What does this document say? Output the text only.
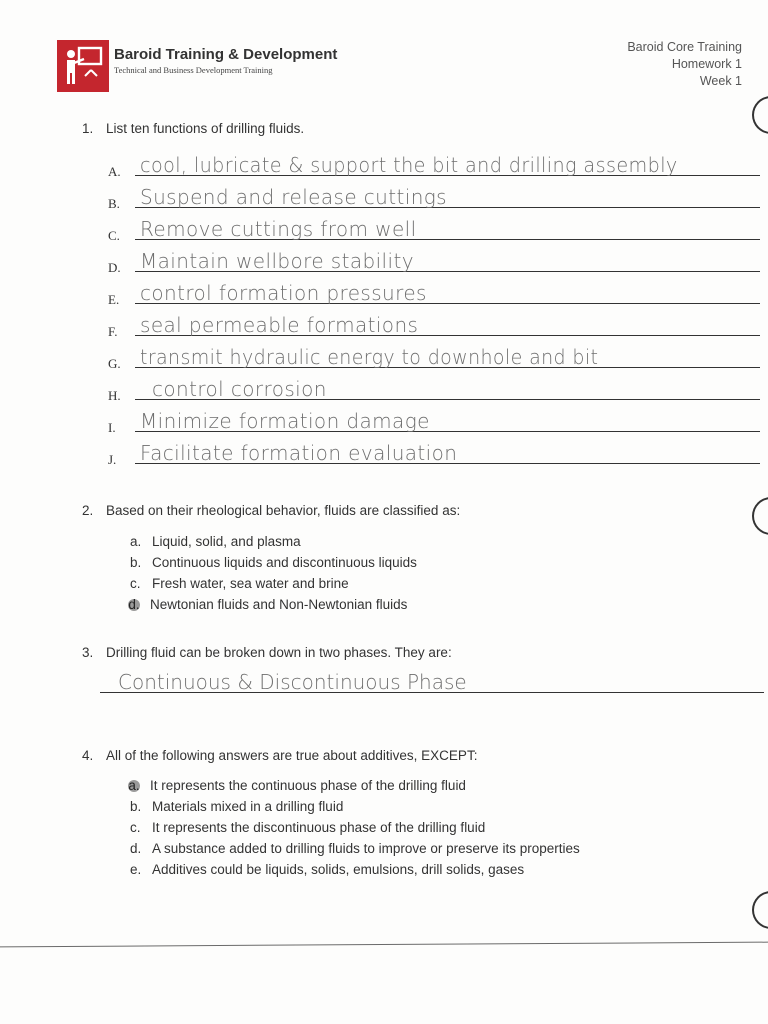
Baroid Training & Development
Technical and Business Development Training
Baroid Core Training
Homework 1
Week 1
1. List ten functions of drilling fluids.
A. cool, lubricate & support the bit and drilling assembly
B.	Suspend and release cuttings
C.	Remove cuttings from well
D. Maintain wellbore stability
E.	control formation pressures
F.	seal permeable formations
G. transmit hydraulic energy to downhole and bit
H.	control corrosion
I.	Minimize formation damage
J.	Facilitate formation evaluation
2. Based on their rheological behavior, fluids are classified as:
a. Liquid, solid, and plasma
b. Continuous liquids and discontinuous liquids
c. Fresh water, sea water and brine
d. Newtonian fluids and Non-Newtonian fluids
3. Drilling fluid can be broken down in two phases. They are:
Continuous & Discontinuous Phase
4. All of the following answers are true about additives, EXCEPT:
a. It represents the continuous phase of the drilling fluid
b. Materials mixed in a drilling fluid
c. It represents the discontinuous phase of the drilling fluid
d. A substance added to drilling fluids to improve or preserve its properties
e. Additives could be liquids, solids, emulsions, drill solids, gases
